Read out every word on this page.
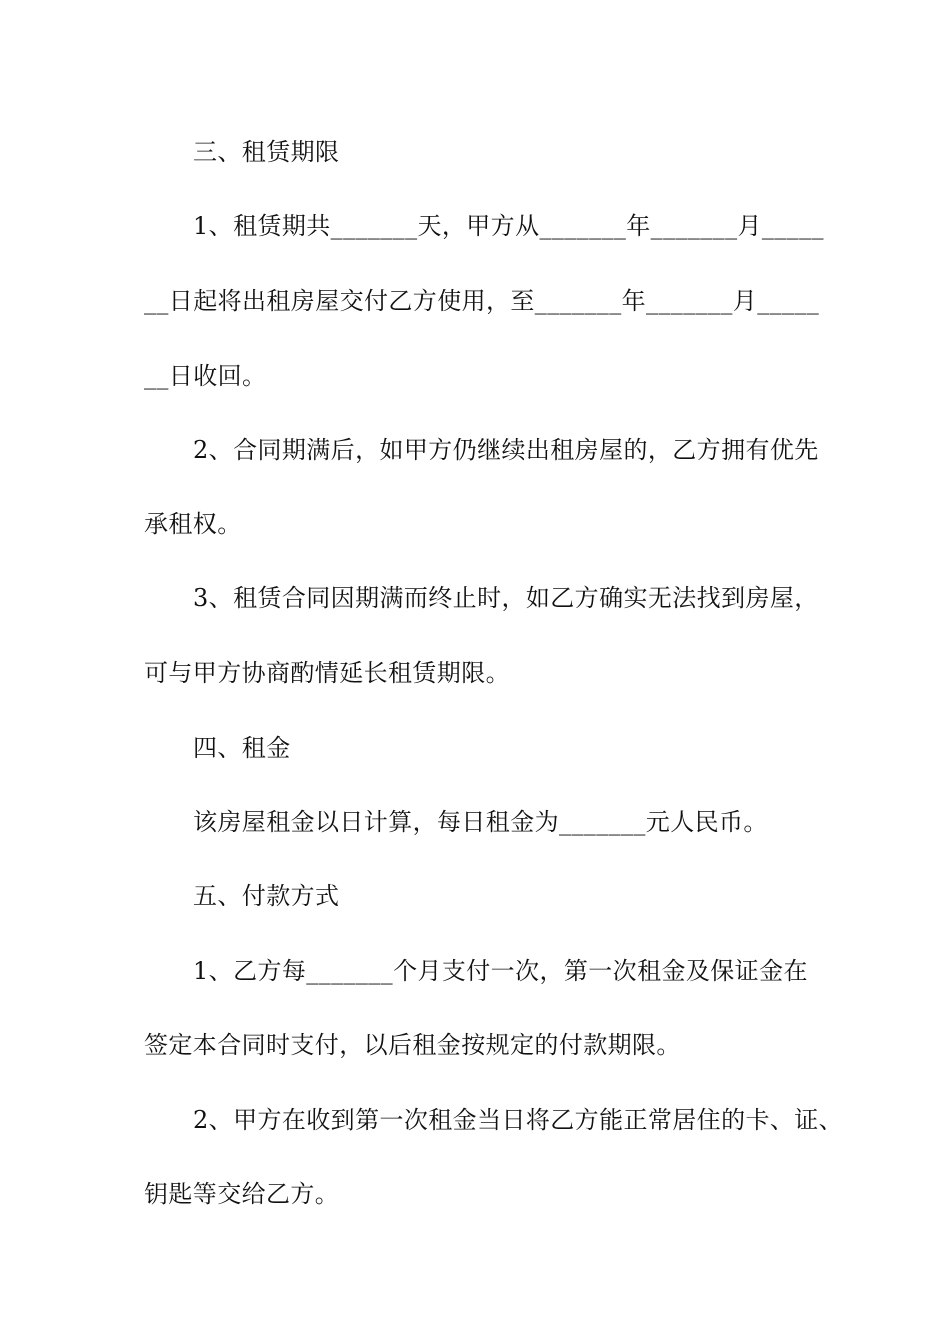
三、租赁期限
1、租赁期共_______天，甲方从_______年_______月_____
__日起将出租房屋交付乙方使用，至_______年_______月_____
__日收回。
2、合同期满后，如甲方仍继续出租房屋的，乙方拥有优先
承租权。
3、租赁合同因期满而终止时，如乙方确实无法找到房屋，
可与甲方协商酌情延长租赁期限。
四、租金
该房屋租金以日计算，每日租金为_______元人民币。
五、付款方式
1、乙方每_______个月支付一次，第一次租金及保证金在
签定本合同时支付，以后租金按规定的付款期限。
2、甲方在收到第一次租金当日将乙方能正常居住的卡、证、
钥匙等交给乙方。
